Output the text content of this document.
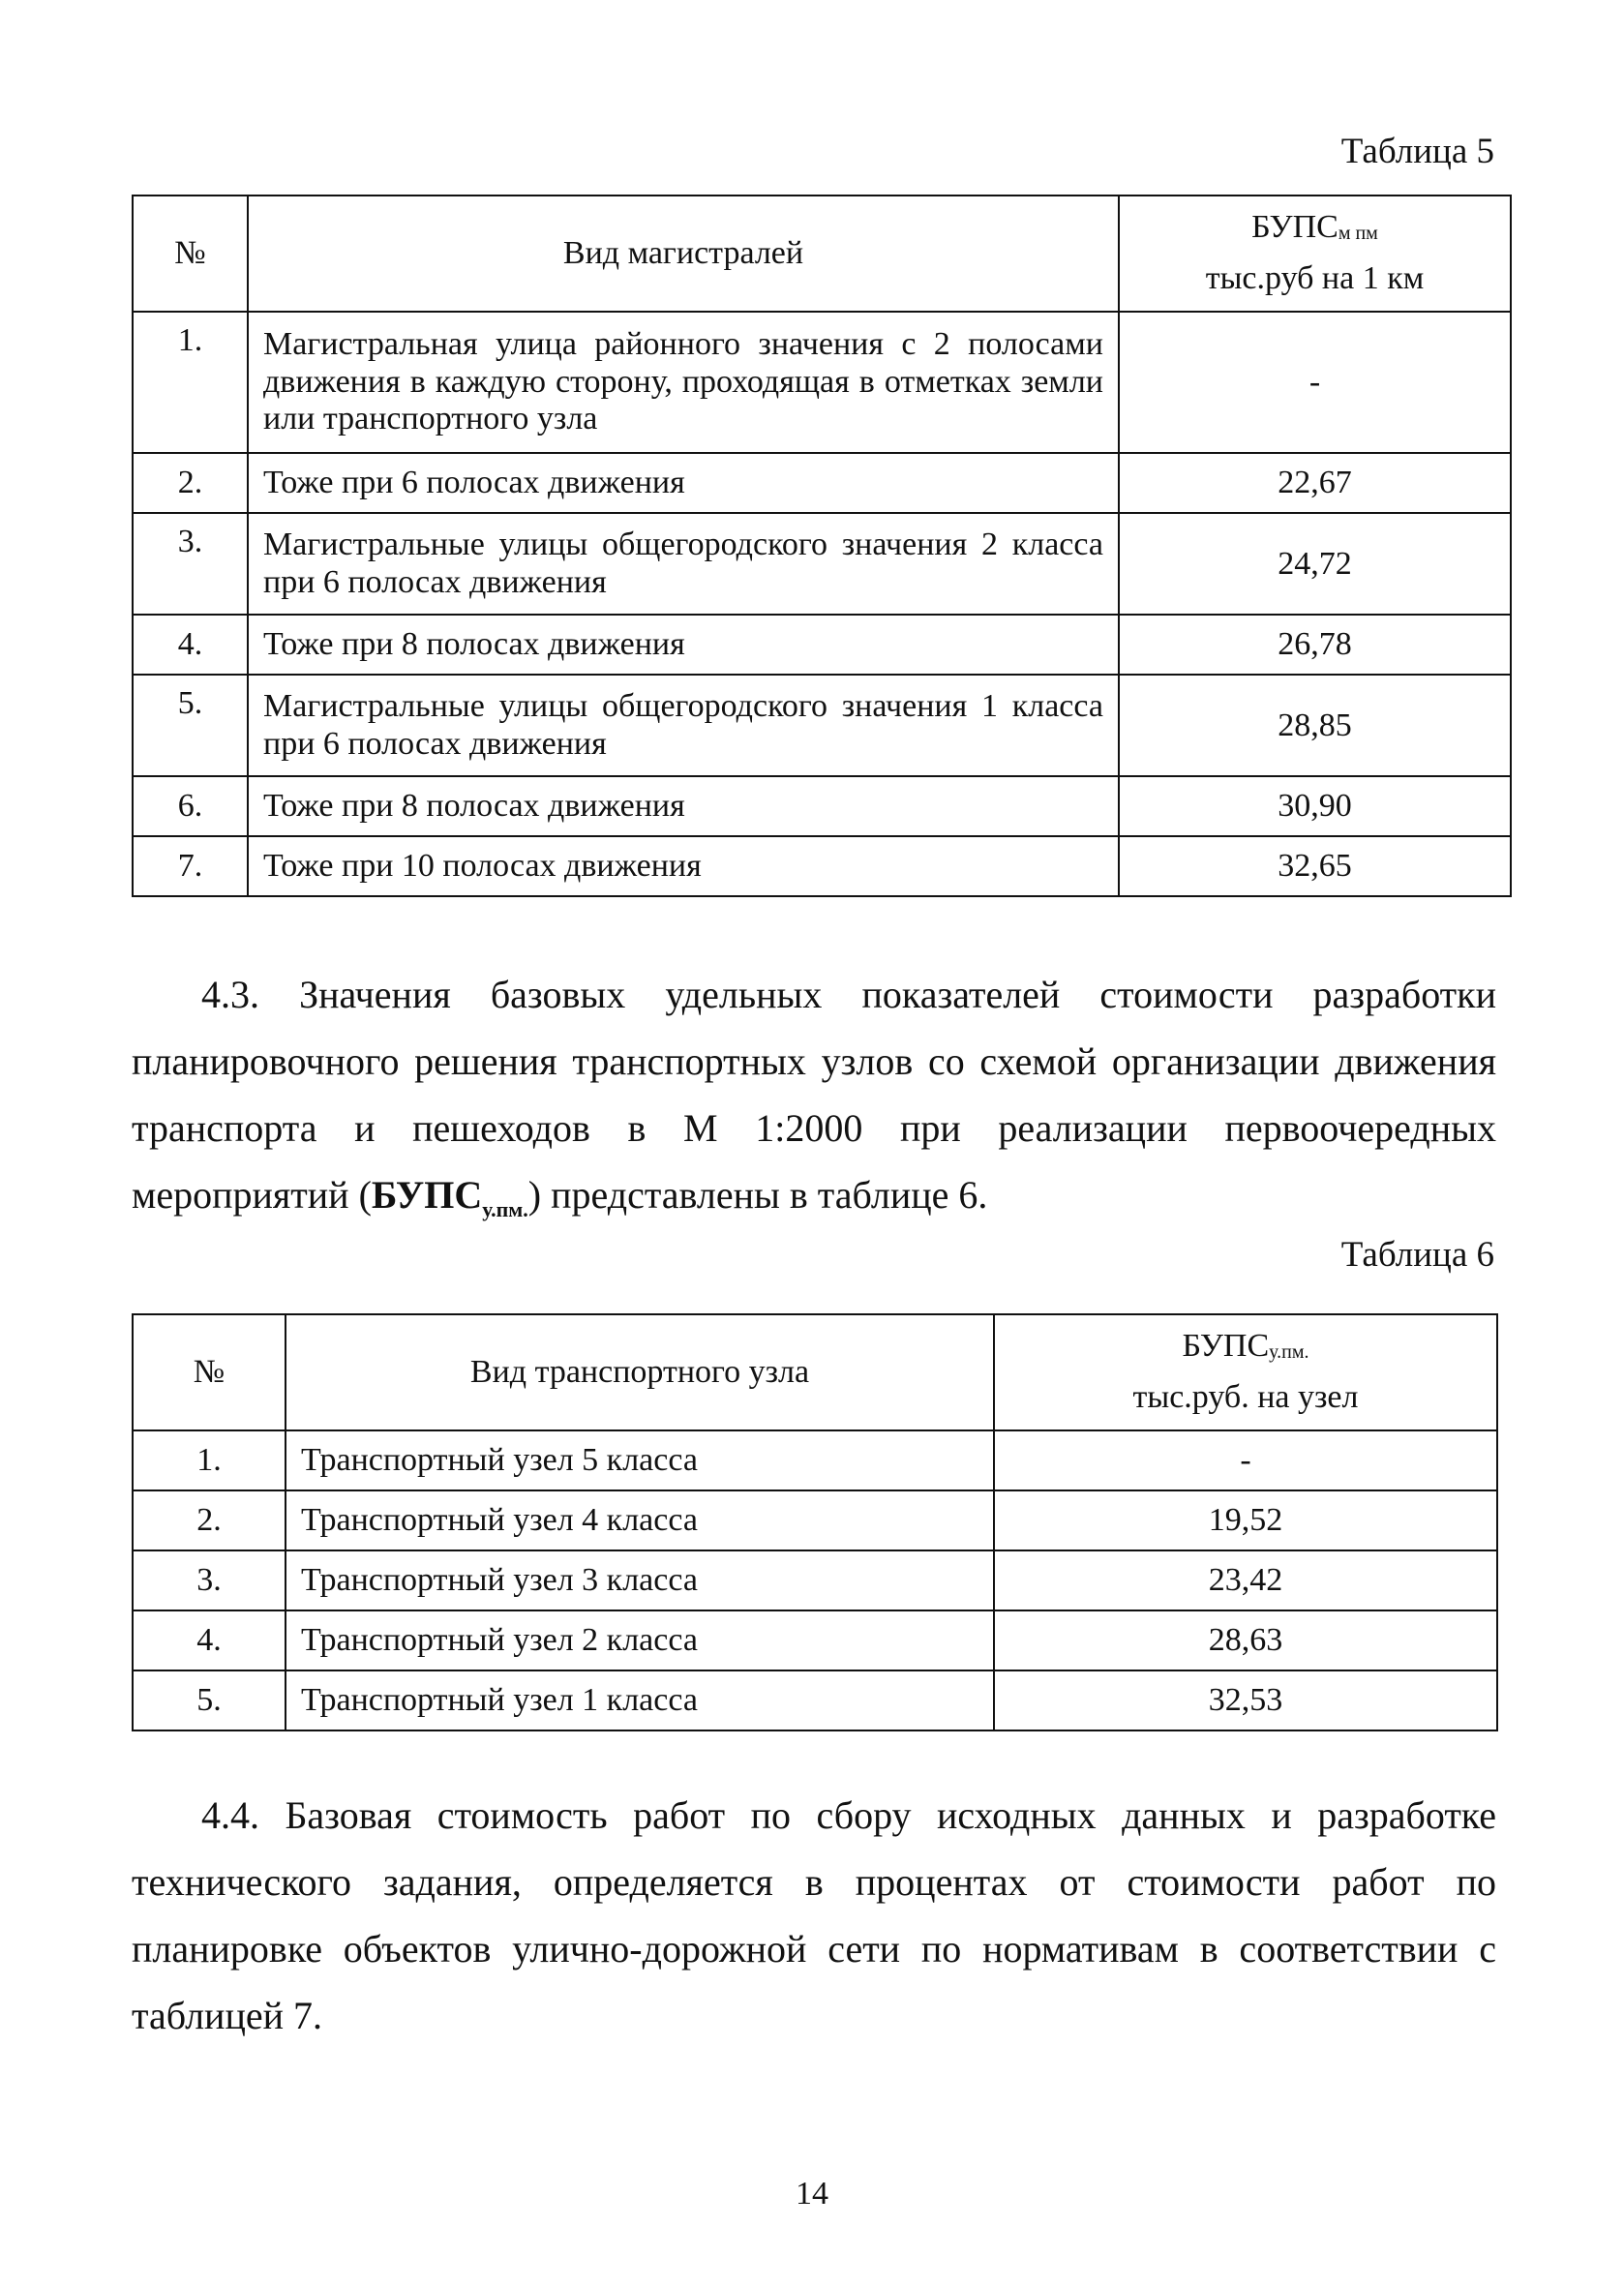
Таблица 5
№	Вид магистралей	$БУПС_{м пм}$
тыс.руб на 1 км
1.	Магистральная улица районного значения с 2 полосами движения в каждую сторону, проходящая в отметках земли или транспортного узла	-
2.	Тоже при 6 полосах движения	22,67
3.	Магистральные улицы общегородского значения 2 класса при 6 полосах движения	24,72
4.	Тоже при 8 полосах движения	26,78
5.	Магистральные улицы общегородского значения 1 класса при 6 полосах движения	28,85
6.	Тоже при 8 полосах движения	30,90
7.	Тоже при 10 полосах движения	32,65

4.3. Значения базовых удельных показателей стоимости разработки планировочного решения транспортных узлов со схемой организации движения транспорта и пешеходов в М 1:2000 при реализации первоочередных мероприятий $(БУПС_{у.пм.})$ представлены в таблице 6.

Таблица 6
№	Вид транспортного узла	$БУПС_{у.пм.}$
тыс.руб. на узел
1.	Транспортный узел 5 класса	-
2.	Транспортный узел 4 класса	19,52
3.	Транспортный узел 3 класса	23,42
4.	Транспортный узел 2 класса	28,63
5.	Транспортный узел 1 класса	32,53

4.4. Базовая стоимость работ по сбору исходных данных и разработке технического задания, определяется в процентах от стоимости работ по планировке объектов улично-дорожной сети по нормативам в соответствии с таблицей 7.

14
